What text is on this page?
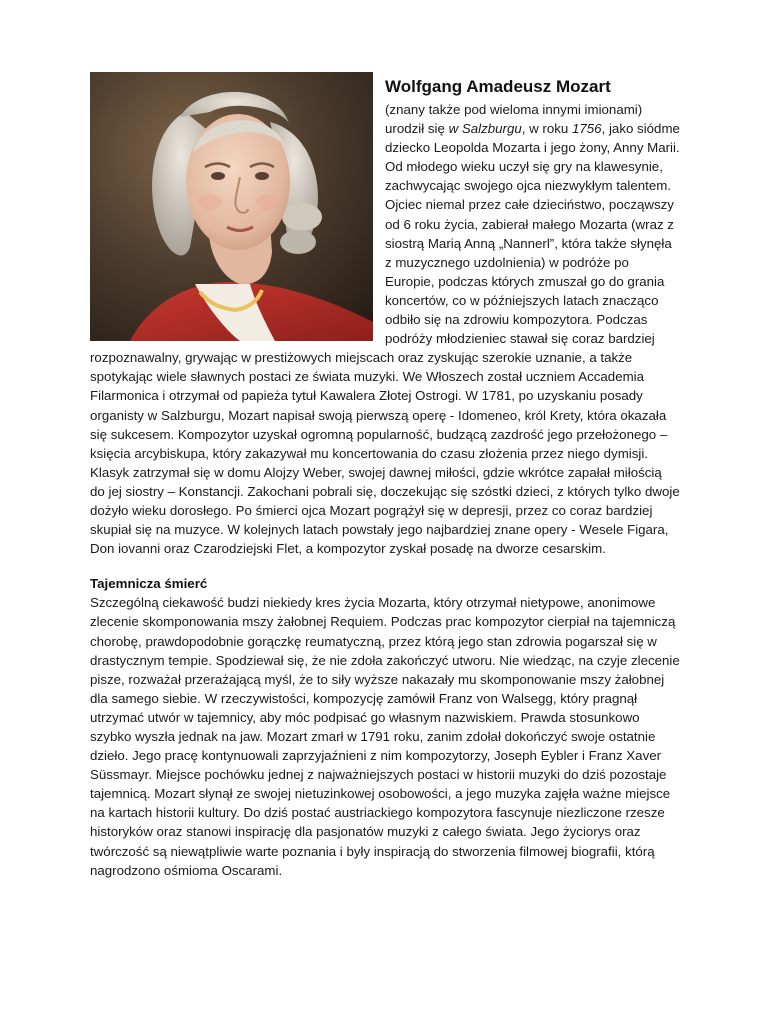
Wolfgang Amadeusz Mozart

(znany także pod wieloma innymi imionami) urodził się w Salzburgu, w roku 1756, jako siódme dziecko Leopolda Mozarta i jego żony, Anny Marii. Od młodego wieku uczył się gry na klawesynie, zachwycając swojego ojca niezwykłym talentem. Ojciec niemal przez całe dzieciństwo, począwszy od 6 roku życia, zabierał małego Mozarta (wraz z siostrą Marią Anną „Nannerl”, która także słynęła z muzycznego uzdolnienia) w podróże po Europie, podczas których zmuszał go do grania koncertów, co w późniejszych latach znacząco odbiło się na zdrowiu kompozytora. Podczas podróży młodzieniec stawał się coraz bardziej rozpoznawalny, grywając w prestiżowych miejscach oraz zyskując szerokie uznanie, a także spotykając wiele sławnych postaci ze świata muzyki. We Włoszech został uczniem Accademia Filarmonica i otrzymał od papieża tytuł Kawalera Złotej Ostrogi. W 1781, po uzyskaniu posady organisty w Salzburgu, Mozart napisał swoją pierwszą operę - Idomeneo, król Krety, która okazała się sukcesem. Kompozytor uzyskał ogromną popularność, budzącą zazdrość jego przełożonego – księcia arcybiskupa, który zakazywał mu koncertowania do czasu złożenia przez niego dymisji. Klasyk zatrzymał się w domu Alojzy Weber, swojej dawnej miłości, gdzie wkrótce zapałał miłością do jej siostry – Konstancji. Zakochani pobrali się, doczekując się szóstki dzieci, z których tylko dwoje dożyło wieku dorosłego. Po śmierci ojca Mozart pogrążył się w depresji, przez co coraz bardziej skupiał się na muzyce. W kolejnych latach powstały jego najbardziej znane opery - Wesele Figara, Don iovanni oraz Czarodziejski Flet, a kompozytor zyskał posadę na dworze cesarskim.

Tajemnicza śmierć

Szczególną ciekawość budzi niekiedy kres życia Mozarta, który otrzymał nietypowe, anonimowe zlecenie skomponowania mszy żałobnej Requiem. Podczas prac kompozytor cierpiał na tajemniczą chorobę, prawdopodobnie gorączkę reumatyczną, przez którą jego stan zdrowia pogarszał się w drastycznym tempie. Spodziewał się, że nie zdoła zakończyć utworu. Nie wiedząc, na czyje zlecenie pisze, rozważał przerażającą myśl, że to siły wyższe nakazały mu skomponowanie mszy żałobnej dla samego siebie. W rzeczywistości, kompozycję zamówił Franz von Walsegg, który pragnął utrzymać utwór w tajemnicy, aby móc podpisać go własnym nazwiskiem. Prawda stosunkowo szybko wyszła jednak na jaw. Mozart zmarł w 1791 roku, zanim zdołał dokończyć swoje ostatnie dzieło. Jego pracę kontynuowali zaprzyjaźnieni z nim kompozytorzy, Joseph Eybler i Franz Xaver Süssmayr. Miejsce pochówku jednej z najważniejszych postaci w historii muzyki do dziś pozostaje tajemnicą. Mozart słynął ze swojej nietuzinkowej osobowości, a jego muzyka zajęła ważne miejsce na kartach historii kultury. Do dziś postać austriackiego kompozytora fascynuje niezliczone rzesze historyków oraz stanowi inspirację dla pasjonatów muzyki z całego świata. Jego życiorys oraz twórczość są niewątpliwie warte poznania i były inspiracją do stworzenia filmowej biografii, którą nagrodzono ośmioma Oscarami.
